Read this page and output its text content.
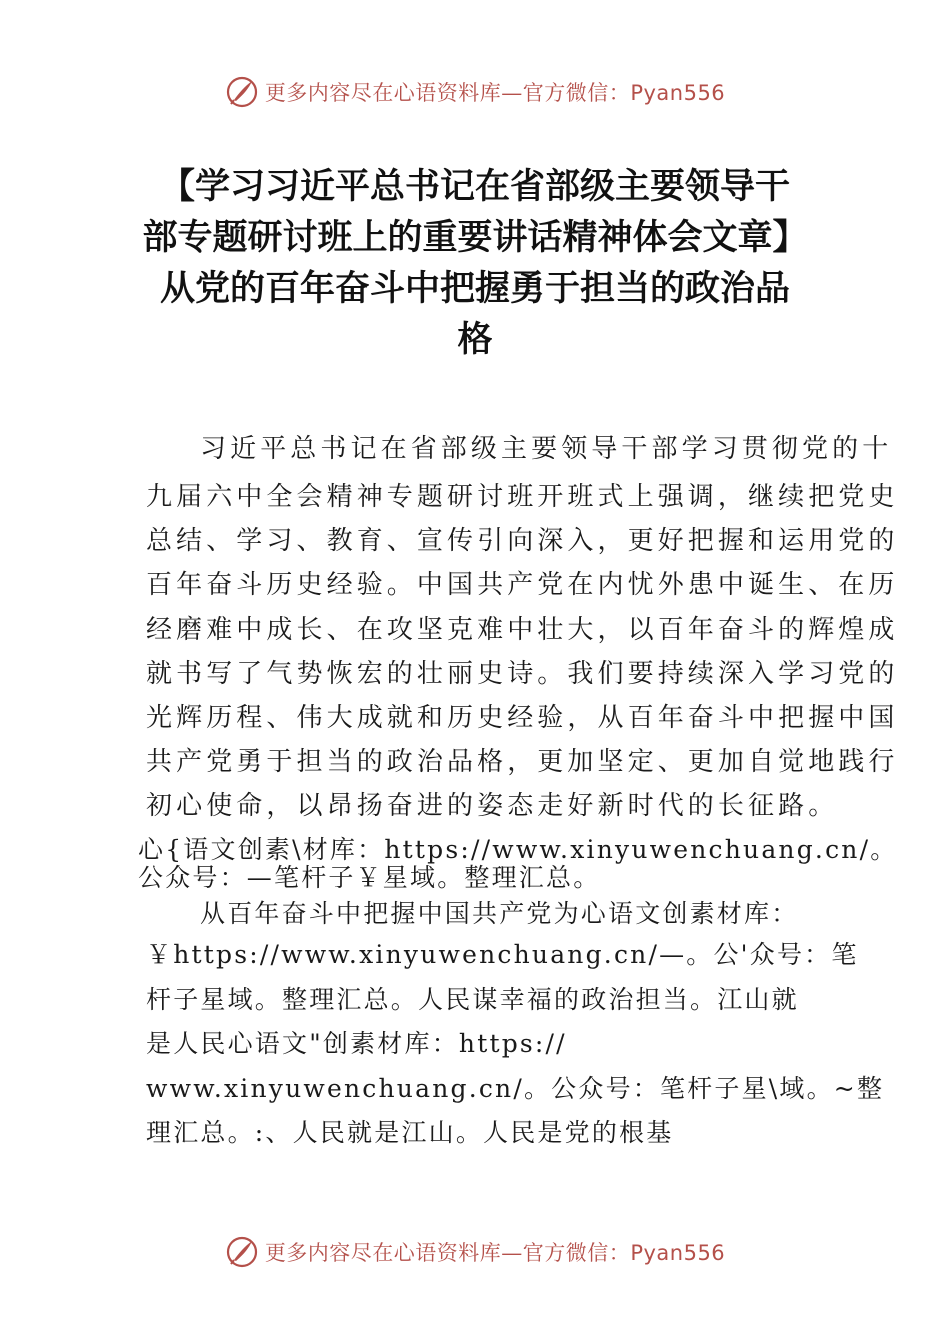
更多内容尽在心语资料库—官方微信：Pyan556
【学习习近平总书记在省部级主要领导干
部专题研讨班上的重要讲话精神体会文章】
从党的百年奋斗中把握勇于担当的政治品
格
习近平总书记在省部级主要领导干部学习贯彻党的十
九届六中全会精神专题研讨班开班式上强调，继续把党史
总结、学习、教育、宣传引向深入，更好把握和运用党的
百年奋斗历史经验。中国共产党在内忧外患中诞生、在历
经磨难中成长、在攻坚克难中壮大，以百年奋斗的辉煌成
就书写了气势恢宏的壮丽史诗。我们要持续深入学习党的
光辉历程、伟大成就和历史经验，从百年奋斗中把握中国
共产党勇于担当的政治品格，更加坚定、更加自觉地践行
初心使命，以昂扬奋进的姿态走好新时代的长征路。
心{语文创素\材库：https://www.xinyuwenchuang.cn/。
公众号：—笔杆子￥星域。整理汇总。
从百年奋斗中把握中国共产党为心语文创素材库：
￥https://www.xinyuwenchuang.cn/—。公'众号：笔
杆子星域。整理汇总。人民谋幸福的政治担当。江山就
是人民心语文"创素材库：https://
www.xinyuwenchuang.cn/。公众号：笔杆子星\域。~整
理汇总。:、人民就是江山。人民是党的根基
更多内容尽在心语资料库—官方微信：Pyan556
